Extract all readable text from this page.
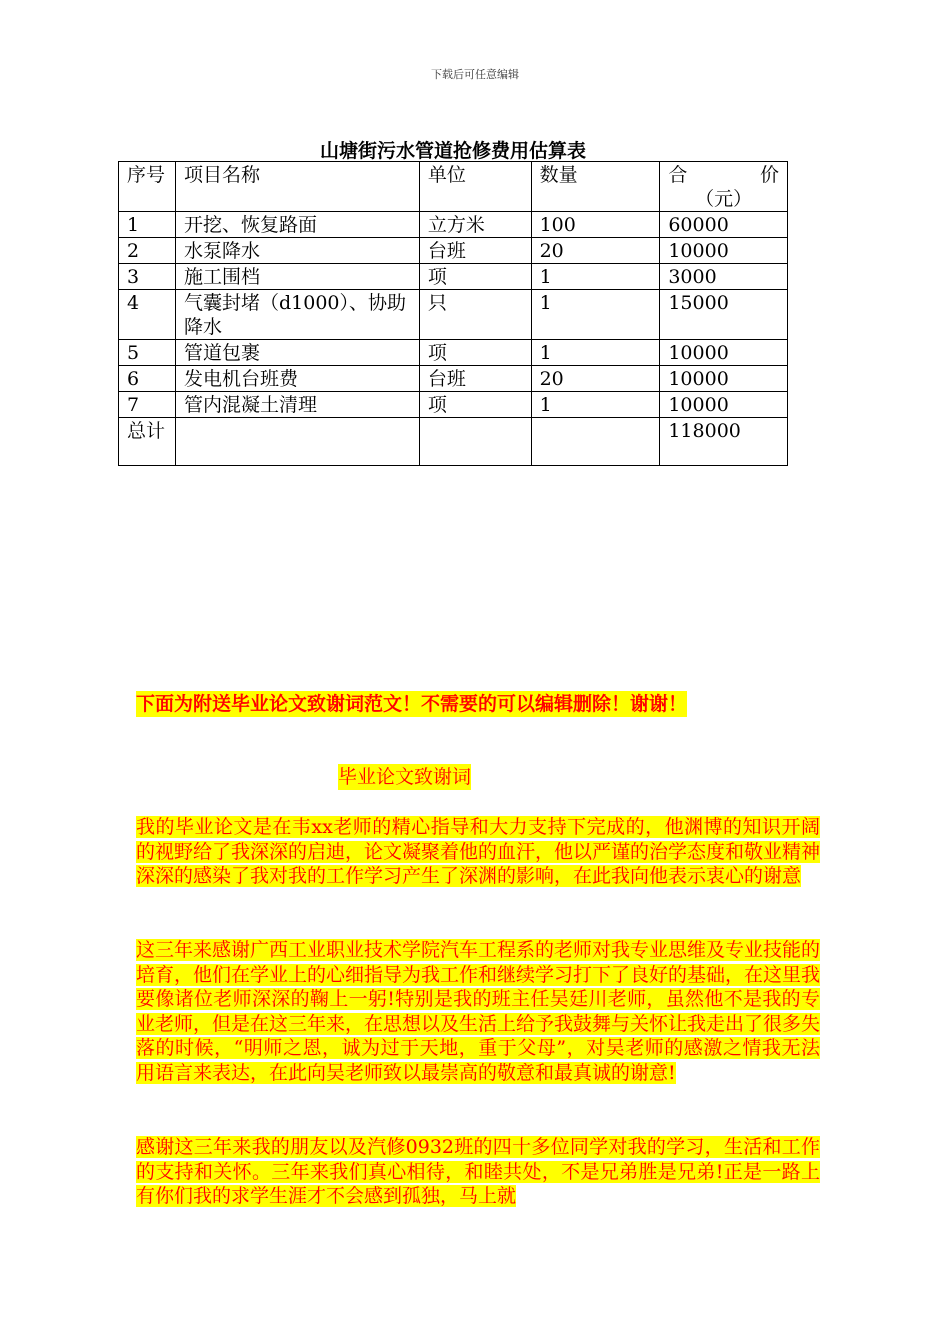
下载后可任意编辑
山塘街污水管道抢修费用估算表
序号	项目名称	单位	数量	合 价
（元）

1	开挖、恢复路面	立方米	100	60000
2	水泵降水	台班	20	10000
3	施工围档	项	1	3000
4	气囊封堵（d1000）、协助降水	只	1	15000
5	管道包裹	项	1	10000
6	发电机台班费	台班	20	10000
7	管内混凝土清理	项	1	10000
总计				118000
下面为附送毕业论文致谢词范文！不需要的可以编辑删除！谢谢！
毕业论文致谢词

我的毕业论文是在韦xx老师的精心指导和大力支持下完成的，他渊博的知识开阔的视野给了我深深的启迪，论文凝聚着他的血汗，他以严谨的治学态度和敬业精神深深的感染了我对我的工作学习产生了深渊的影响，在此我向他表示衷心的谢意

这三年来感谢广西工业职业技术学院汽车工程系的老师对我专业思维及专业技能的培育，他们在学业上的心细指导为我工作和继续学习打下了良好的基础，在这里我要像诸位老师深深的鞠上一躬!特别是我的班主任吴廷川老师，虽然他不是我的专业老师，但是在这三年来，在思想以及生活上给予我鼓舞与关怀让我走出了很多失落的时候，“明师之恩，诚为过于天地，重于父母”，对吴老师的感激之情我无法用语言来表达，在此向吴老师致以最崇高的敬意和最真诚的谢意!

感谢这三年来我的朋友以及汽修0932班的四十多位同学对我的学习，生活和工作的支持和关怀。三年来我们真心相待，和睦共处，不是兄弟胜是兄弟!正是一路上有你们我的求学生涯才不会感到孤独，马上就
